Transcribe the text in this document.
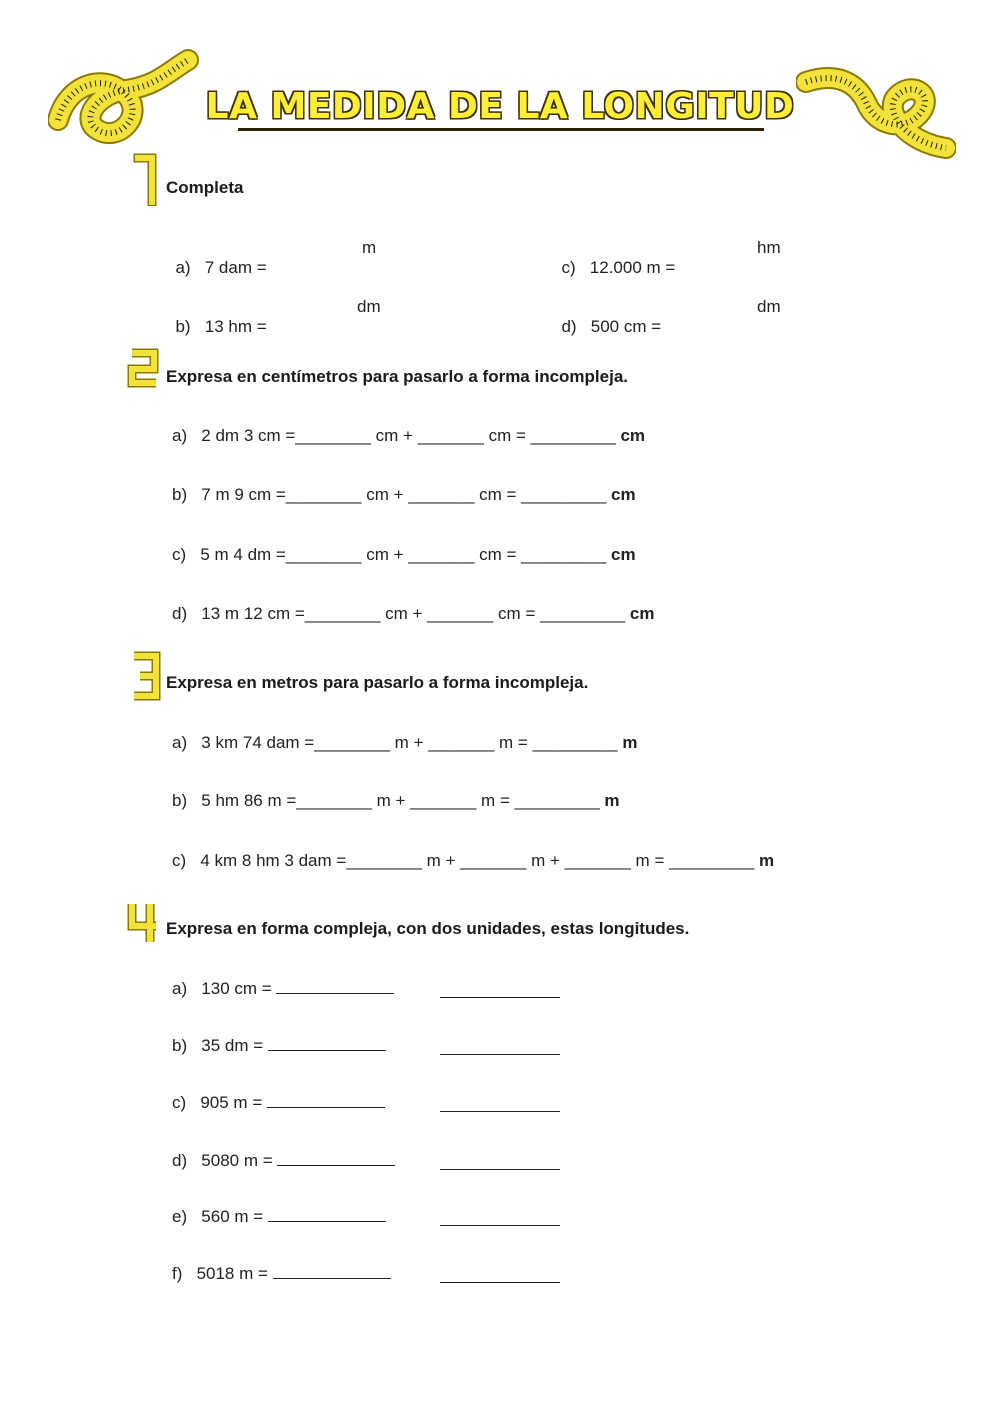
LA MEDIDA DE LA LONGITUD
Completa

a) 7 dam =

m

b) 13 hm =

dm

c) 12.000 m =

hm

d) 500 cm =

dm
Expresa en centímetros para pasarlo a forma incompleja.
a) 2 dm 3 cm =________ cm + _______ cm = _________ cm
b) 7 m 9 cm =________ cm + _______ cm = _________ cm
c) 5 m 4 dm =________ cm + _______ cm = _________ cm
d) 13 m 12 cm =________ cm + _______ cm = _________ cm
Expresa en metros para pasarlo a forma incompleja.
a) 3 km 74 dam =________ m + _______ m = _________ m
b) 5 hm 86 m =________ m + _______ m = _________ m
c) 4 km 8 hm 3 dam =________ m + _______ m + _______ m = _________ m
Expresa en forma compleja, con dos unidades, estas longitudes.
a) 130 cm =
b) 35 dm =
c) 905 m =
d) 5080 m =
e) 560 m =
f) 5018 m =
